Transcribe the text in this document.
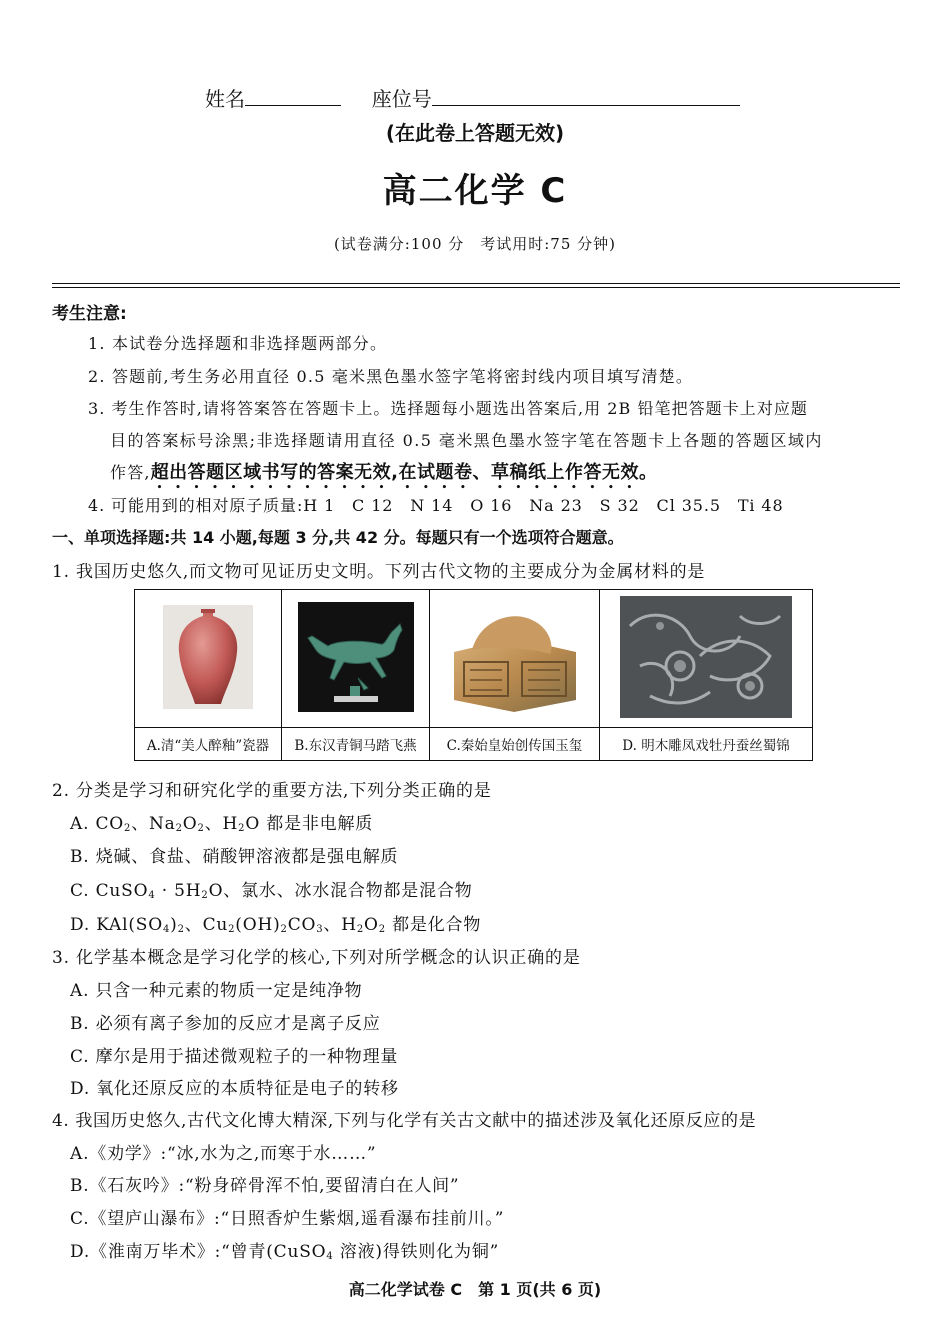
姓名	座位号
(在此卷上答题无效)
高二化学 C
(试卷满分:100 分　考试用时:75 分钟)
考生注意:
1. 本试卷分选择题和非选择题两部分。
2. 答题前,考生务必用直径 0.5 毫米黑色墨水签字笔将密封线内项目填写清楚。
3. 考生作答时,请将答案答在答题卡上。选择题每小题选出答案后,用 2B 铅笔把答题卡上对应题
目的答案标号涂黑;非选择题请用直径 0.5 毫米黑色墨水签字笔在答题卡上各题的答题区域内
作答,超出答题区域书写的答案无效,在试题卷、草稿纸上作答无效。
4. 可能用到的相对原子质量:H 1　C 12　N 14　O 16　Na 23　S 32　Cl 35.5　Ti 48
一、单项选择题:共 14 小题,每题 3 分,共 42 分。每题只有一个选项符合题意。
1. 我国历史悠久,而文物可见证历史文明。下列古代文物的主要成分为金属材料的是

A.清“美人醉釉”瓷器	B.东汉青铜马踏飞燕	C.秦始皇始创传国玉玺	D. 明木雕凤戏牡丹蚕丝蜀锦
2. 分类是学习和研究化学的重要方法,下列分类正确的是
A. $CO_2$、$Na_2O_2$、$H_2O$ 都是非电解质
B. 烧碱、食盐、硝酸钾溶液都是强电解质
C. CuSO$_4$ · $5H_2O$、氯水、冰水混合物都是混合物
D. $KAl(SO_4)_2$、$Cu_2(OH)_2CO_3$、$H_2O_2$ 都是化合物
3. 化学基本概念是学习化学的核心,下列对所学概念的认识正确的是
A. 只含一种元素的物质一定是纯净物
B. 必须有离子参加的反应才是离子反应
C. 摩尔是用于描述微观粒子的一种物理量
D. 氧化还原反应的本质特征是电子的转移
4. 我国历史悠久,古代文化博大精深,下列与化学有关古文献中的描述涉及氧化还原反应的是
A.《劝学》:“冰,水为之,而寒于水……”
B.《石灰吟》:“粉身碎骨浑不怕,要留清白在人间”
C.《望庐山瀑布》:“日照香炉生紫烟,遥看瀑布挂前川。”
D.《淮南万毕术》:“曾青(CuSO$_4$ 溶液)得铁则化为铜”
高二化学试卷 C　第 1 页(共 6 页)
